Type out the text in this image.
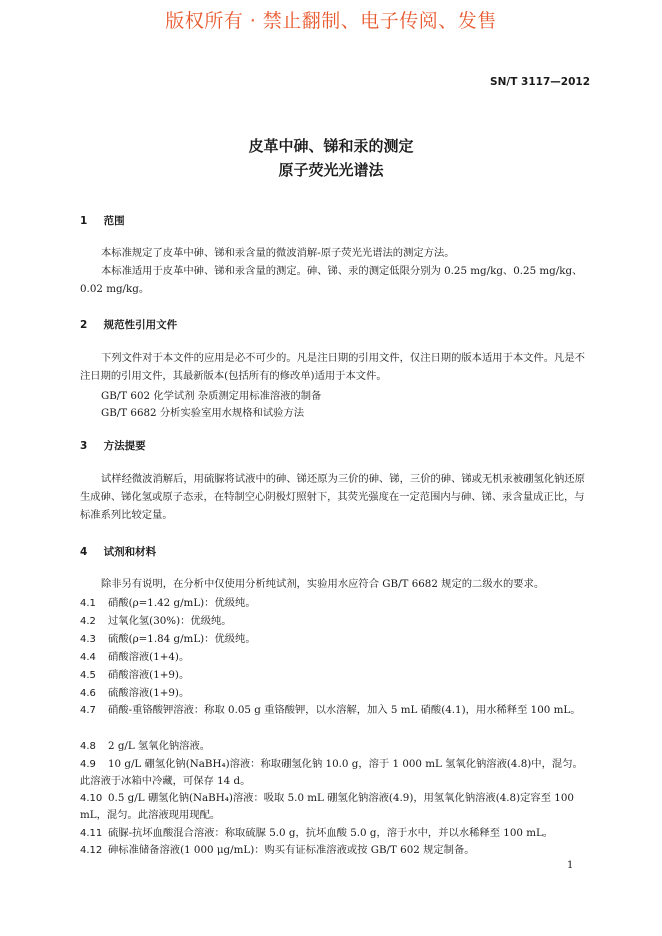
版权所有 · 禁止翻制、电子传阅、发售
SN/T 3117—2012
皮革中砷、锑和汞的测定
原子荧光光谱法
1 范围
本标准规定了皮革中砷、锑和汞含量的微波消解-原子荧光光谱法的测定方法。
本标准适用于皮革中砷、锑和汞含量的测定。砷、锑、汞的测定低限分别为 0.25 mg/kg、0.25 mg/kg、0.02 mg/kg。
2 规范性引用文件
下列文件对于本文件的应用是必不可少的。凡是注日期的引用文件，仅注日期的版本适用于本文件。凡是不注日期的引用文件，其最新版本(包括所有的修改单)适用于本文件。
GB/T 602 化学试剂 杂质测定用标准溶液的制备
GB/T 6682 分析实验室用水规格和试验方法
3 方法提要
试样经微波消解后，用硫脲将试液中的砷、锑还原为三价的砷、锑，三价的砷、锑或无机汞被硼氢化钠还原生成砷、锑化氢或原子态汞，在特制空心阴极灯照射下，其荧光强度在一定范围内与砷、锑、汞含量成正比，与标准系列比较定量。
4 试剂和材料
除非另有说明，在分析中仅使用分析纯试剂，实验用水应符合 GB/T 6682 规定的二级水的要求。
4.1 硝酸(ρ=1.42 g/mL)：优级纯。
4.2 过氧化氢(30%)：优级纯。
4.3 硫酸(ρ=1.84 g/mL)：优级纯。
4.4 硝酸溶液(1+4)。
4.5 硝酸溶液(1+9)。
4.6 硫酸溶液(1+9)。
4.7 硝酸-重铬酸钾溶液：称取 0.05 g 重铬酸钾，以水溶解，加入 5 mL 硝酸(4.1)，用水稀释至 100 mL。
4.8 2 g/L 氢氧化钠溶液。
4.9 10 g/L 硼氢化钠(NaBH₄)溶液：称取硼氢化钠 10.0 g，溶于 1 000 mL 氢氧化钠溶液(4.8)中，混匀。此溶液于冰箱中冷藏，可保存 14 d。
4.10 0.5 g/L 硼氢化钠(NaBH₄)溶液：吸取 5.0 mL 硼氢化钠溶液(4.9)，用氢氧化钠溶液(4.8)定容至 100 mL，混匀。此溶液现用现配。
4.11 硫脲-抗坏血酸混合溶液：称取硫脲 5.0 g，抗坏血酸 5.0 g，溶于水中，并以水稀释至 100 mL。
4.12 砷标准储备溶液(1 000 μg/mL)：购买有证标准溶液或按 GB/T 602 规定制备。
1
